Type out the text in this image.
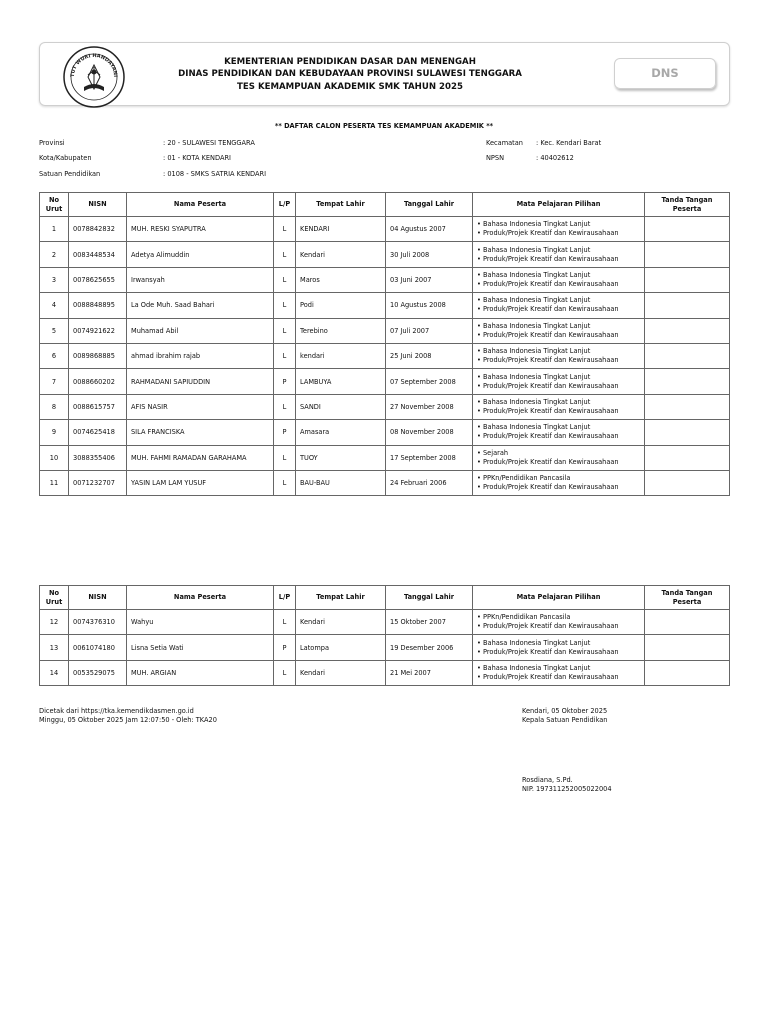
TUT WURI HANDAYANI
KEMENTERIAN PENDIDIKAN DASAR DAN MENENGAH
DINAS PENDIDIKAN DAN KEBUDAYAAN PROVINSI SULAWESI TENGGARA
TES KEMAMPUAN AKADEMIK SMK TAHUN 2025
DNS
** DAFTAR CALON PESERTA TES KEMAMPUAN AKADEMIK **
Provinsi	: 20 - SULAWESI TENGGARA
Kota/Kabupaten	: 01 - KOTA KENDARI
Satuan Pendidikan	: 0108 - SMKS SATRIA KENDARI
Kecamatan : Kec. Kendari Barat
NPSN	: 40402612
No Urut	NISN	Nama Peserta	L/P	Tempat Lahir	Tanggal Lahir	Mata Pelajaran Pilihan	Tanda Tangan Peserta
1	0078842832	MUH. RESKI SYAPUTRA	L	KENDARI	04 Agustus 2007	• Bahasa Indonesia Tingkat Lanjut
• Produk/Projek Kreatif dan Kewirausahaan	

2	0083448534	Adetya Alimuddin	L	Kendari	30 Juli 2008	• Bahasa Indonesia Tingkat Lanjut
• Produk/Projek Kreatif dan Kewirausahaan	

3	0078625655	Irwansyah	L	Maros	03 Juni 2007	• Bahasa Indonesia Tingkat Lanjut
• Produk/Projek Kreatif dan Kewirausahaan	

4	0088848895	La Ode Muh. Saad Bahari	L	Podi	10 Agustus 2008	• Bahasa Indonesia Tingkat Lanjut
• Produk/Projek Kreatif dan Kewirausahaan	

5	0074921622	Muhamad Abil	L	Terebino	07 Juli 2007	• Bahasa Indonesia Tingkat Lanjut
• Produk/Projek Kreatif dan Kewirausahaan	

6	0089868885	ahmad ibrahim rajab	L	kendari	25 Juni 2008	• Bahasa Indonesia Tingkat Lanjut
• Produk/Projek Kreatif dan Kewirausahaan	

7	0088660202	RAHMADANI SAPIUDDIN	P	LAMBUYA	07 September 2008	• Bahasa Indonesia Tingkat Lanjut
• Produk/Projek Kreatif dan Kewirausahaan	

8	0088615757	AFIS NASIR	L	SANDI	27 November 2008	• Bahasa Indonesia Tingkat Lanjut
• Produk/Projek Kreatif dan Kewirausahaan	

9	0074625418	SILA FRANCISKA	P	Amasara	08 November 2008	• Bahasa Indonesia Tingkat Lanjut
• Produk/Projek Kreatif dan Kewirausahaan	

10	3088355406	MUH. FAHMI RAMADAN GARAHAMA	L	TUOY	17 September 2008	• Sejarah
• Produk/Projek Kreatif dan Kewirausahaan	

11	0071232707	YASIN LAM LAM YUSUF	L	BAU-BAU	24 Februari 2006	• PPKn/Pendidikan Pancasila
• Produk/Projek Kreatif dan Kewirausahaan	

No Urut	NISN	Nama Peserta	L/P	Tempat Lahir	Tanggal Lahir	Mata Pelajaran Pilihan	Tanda Tangan Peserta
12	0074376310	Wahyu	L	Kendari	15 Oktober 2007	• PPKn/Pendidikan Pancasila
• Produk/Projek Kreatif dan Kewirausahaan	

13	0061074180	Lisna Setia Wati	P	Latompa	19 Desember 2006	• Bahasa Indonesia Tingkat Lanjut
• Produk/Projek Kreatif dan Kewirausahaan	

14	0053529075	MUH. ARGIAN	L	Kendari	21 Mei 2007	• Bahasa Indonesia Tingkat Lanjut
• Produk/Projek Kreatif dan Kewirausahaan	

Dicetak dari https://tka.kemendikdasmen.go.id
Minggu, 05 Oktober 2025 Jam 12:07:50 - Oleh: TKA20
Kendari, 05 Oktober 2025
Kepala Satuan Pendidikan
Rosdiana, S.Pd.
NIP. 197311252005022004
